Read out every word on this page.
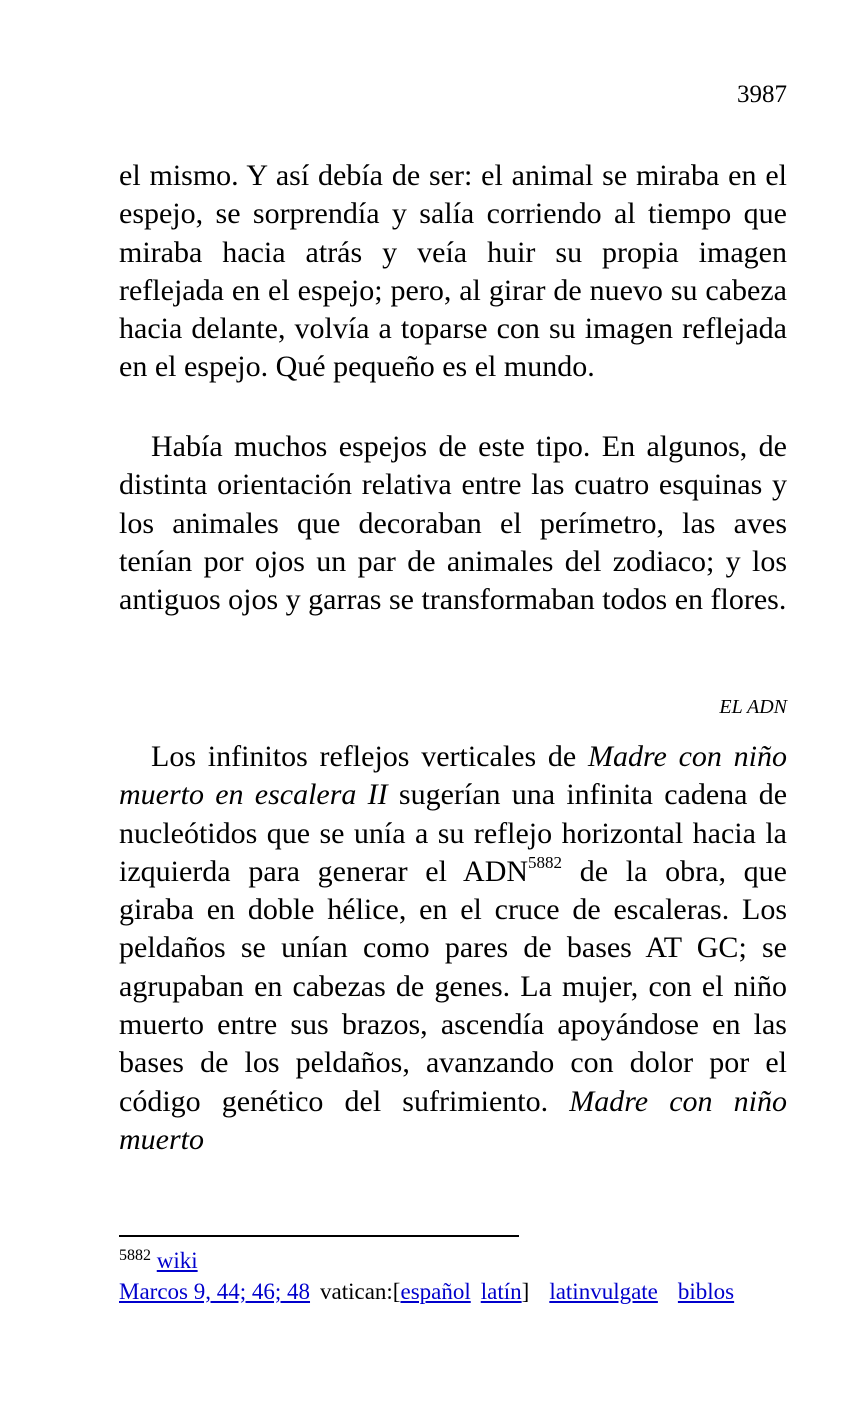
3987
el mismo. Y así debía de ser: el animal se miraba en el espejo, se sorprendía y salía corriendo al tiempo que miraba hacia atrás y veía huir su propia imagen reflejada en el espejo; pero, al girar de nuevo su cabeza hacia delante, volvía a toparse con su imagen reflejada en el espejo. Qué pequeño es el mundo.
Había muchos espejos de este tipo. En algunos, de distinta orientación relativa entre las cuatro esquinas y los animales que decoraban el perímetro, las aves tenían por ojos un par de animales del zodiaco; y los antiguos ojos y garras se transformaban todos en flores.
EL ADN
Los infinitos reflejos verticales de Madre con niño muerto en escalera II sugerían una infinita cadena de nucleótidos que se unía a su reflejo horizontal hacia la izquierda para generar el ADN$^{5882}$ de la obra, que giraba en doble hélice, en el cruce de escaleras. Los peldaños se unían como pares de bases AT GC; se agrupaban en cabezas de genes. La mujer, con el niño muerto entre sus brazos, ascendía apoyándose en las bases de los peldaños, avanzando con dolor por el código genético del sufrimiento. Madre con niño muerto
$^{5882}$ wiki
Marcos 9, 44; 46; 48 vatican:[español latín] latinvulgate biblos
